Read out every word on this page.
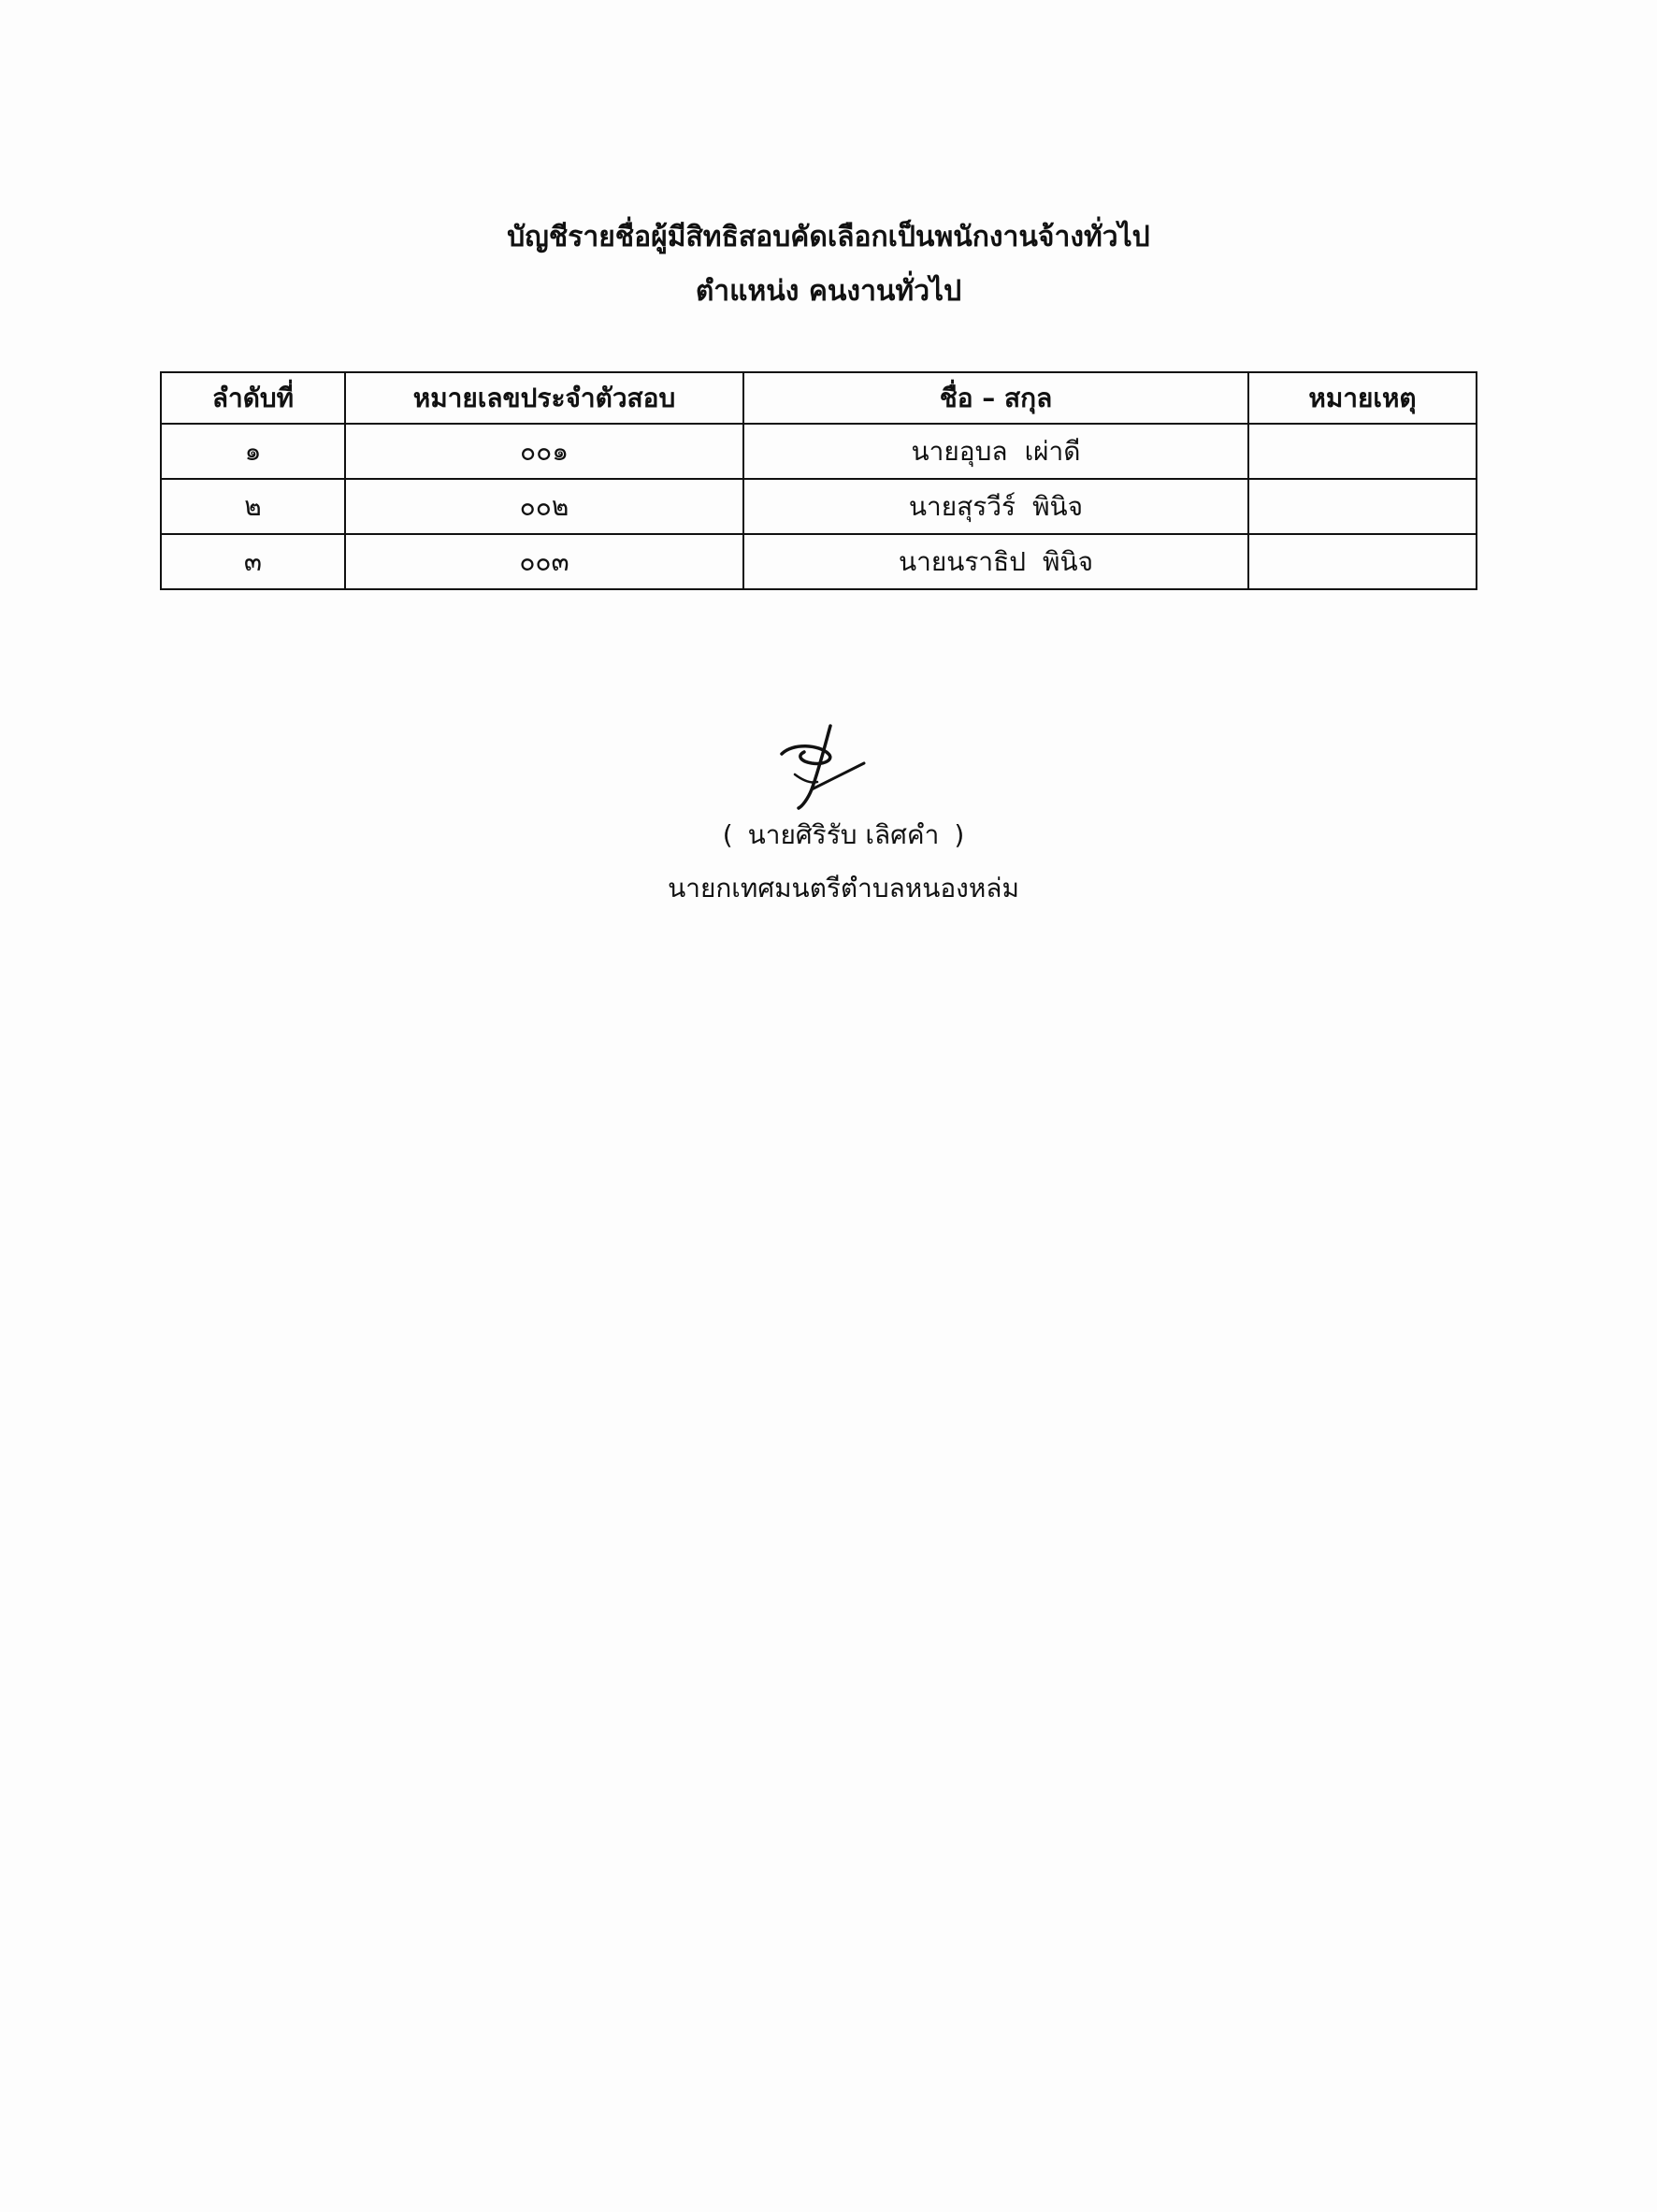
บัญชีรายชื่อผู้มีสิทธิสอบคัดเลือกเป็นพนักงานจ้างทั่วไป
ตำแหน่ง คนงานทั่วไป
ลำดับที่	หมายเลขประจำตัวสอบ	ชื่อ – สกุล	หมายเหตุ
๑	๐๐๑	นายอุบล เผ่าดี	
๒	๐๐๒	นายสุรวีร์ พินิจ	
๓	๐๐๓	นายนราธิป พินิจ	
( นายศิริรับ เลิศคำ )
นายกเทศมนตรีตำบลหนองหล่ม
